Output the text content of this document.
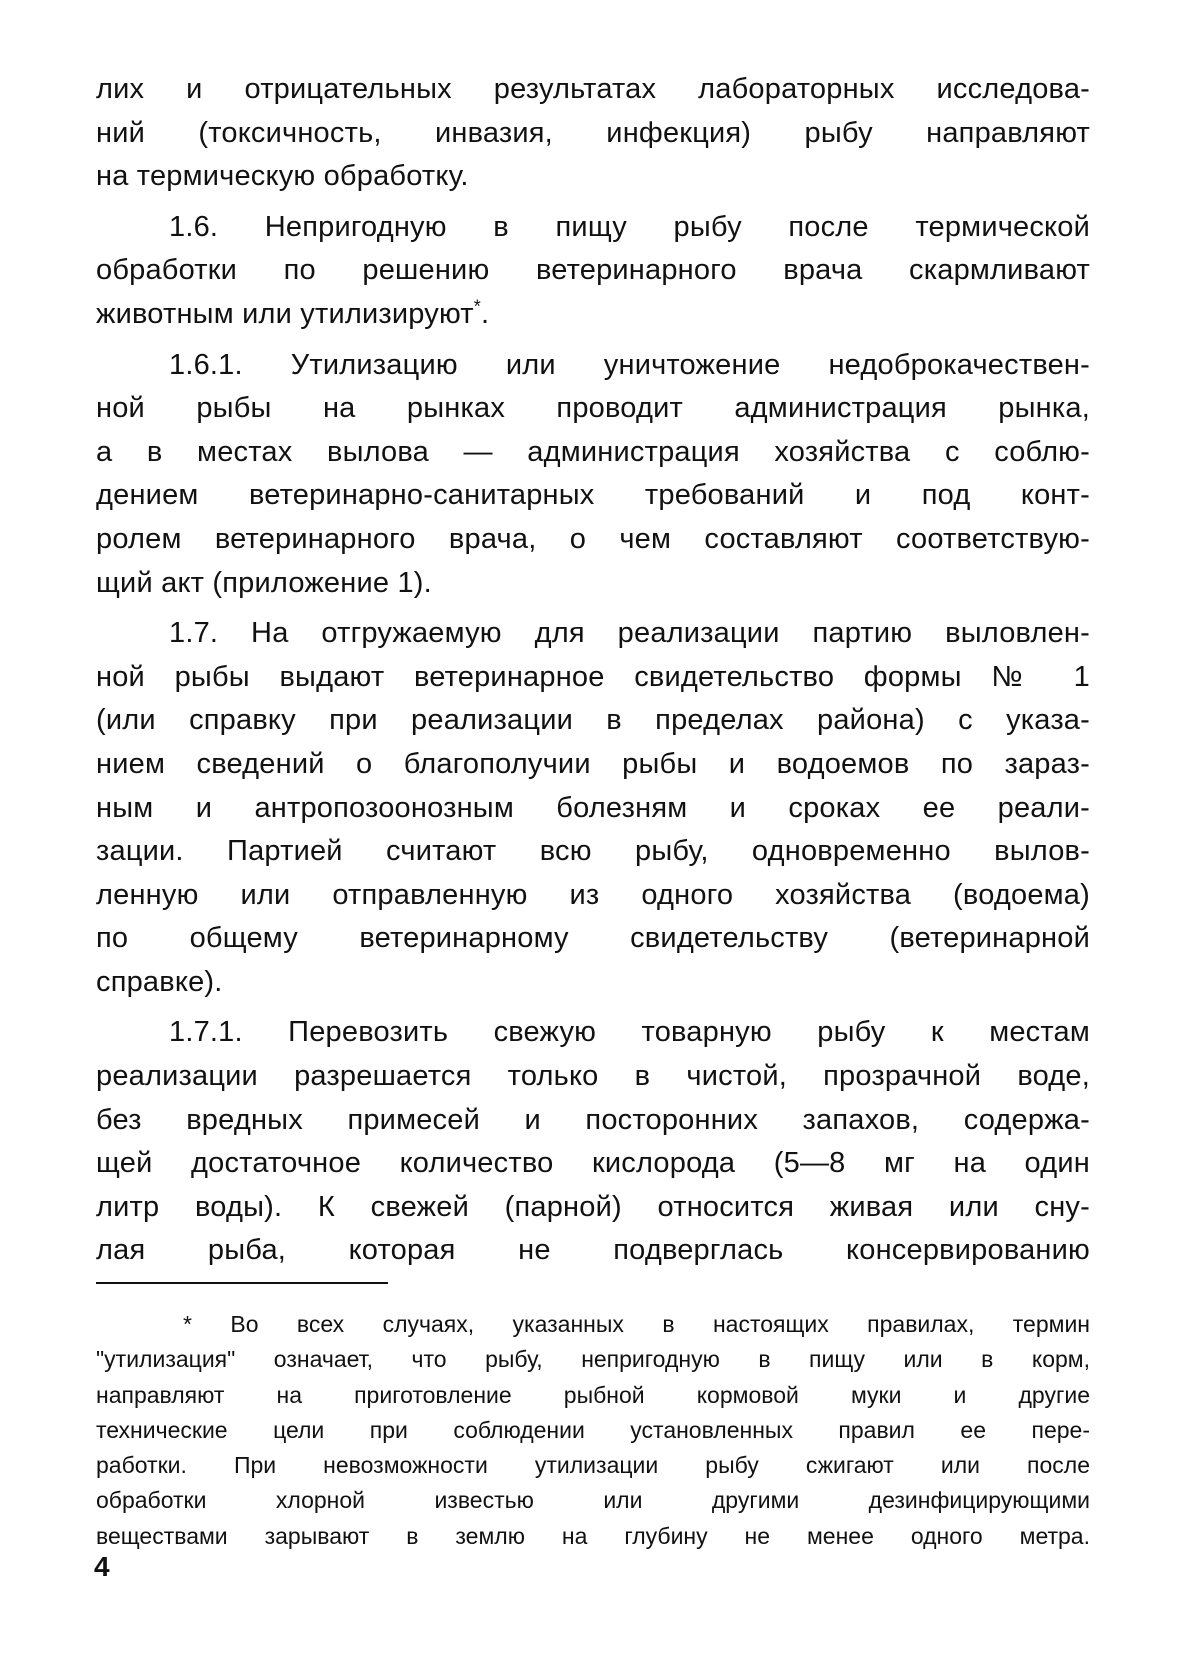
лих и отрицательных результатах лабораторных исследова-
ний (токсичность, инвазия, инфекция) рыбу направляют
на термическую обработку.
1.6. Непригодную в пищу рыбу после термической
обработки по решению ветеринарного врача скармливают
животным или утилизируют*.
1.6.1. Утилизацию или уничтожение недоброкачествен-
ной рыбы на рынках проводит администрация рынка,
а в местах вылова — администрация хозяйства с соблю-
дением ветеринарно-санитарных требований и под конт-
ролем ветеринарного врача, о чем составляют соответствую-
щий акт (приложение 1).
1.7. На отгружаемую для реализации партию выловлен-
ной рыбы выдают ветеринарное свидетельство формы № 1
(или справку при реализации в пределах района) с указа-
нием сведений о благополучии рыбы и водоемов по зараз-
ным и антропозоонозным болезням и сроках ее реали-
зации. Партией считают всю рыбу, одновременно вылов-
ленную или отправленную из одного хозяйства (водоема)
по общему ветеринарному свидетельству (ветеринарной
справке).
1.7.1. Перевозить свежую товарную рыбу к местам
реализации разрешается только в чистой, прозрачной воде,
без вредных примесей и посторонних запахов, содержа-
щей достаточное количество кислорода (5—8 мг на один
литр воды). К свежей (парной) относится живая или сну-
лая рыба, которая не подверглась консервированию
* Во всех случаях, указанных в настоящих правилах, термин
"утилизация" означает, что рыбу, непригодную в пищу или в корм,
направляют на приготовление рыбной кормовой муки и другие
технические цели при соблюдении установленных правил ее пере-
работки. При невозможности утилизации рыбу сжигают или после
обработки хлорной известью или другими дезинфицирующими
веществами зарывают в землю на глубину не менее одного метра.
4
